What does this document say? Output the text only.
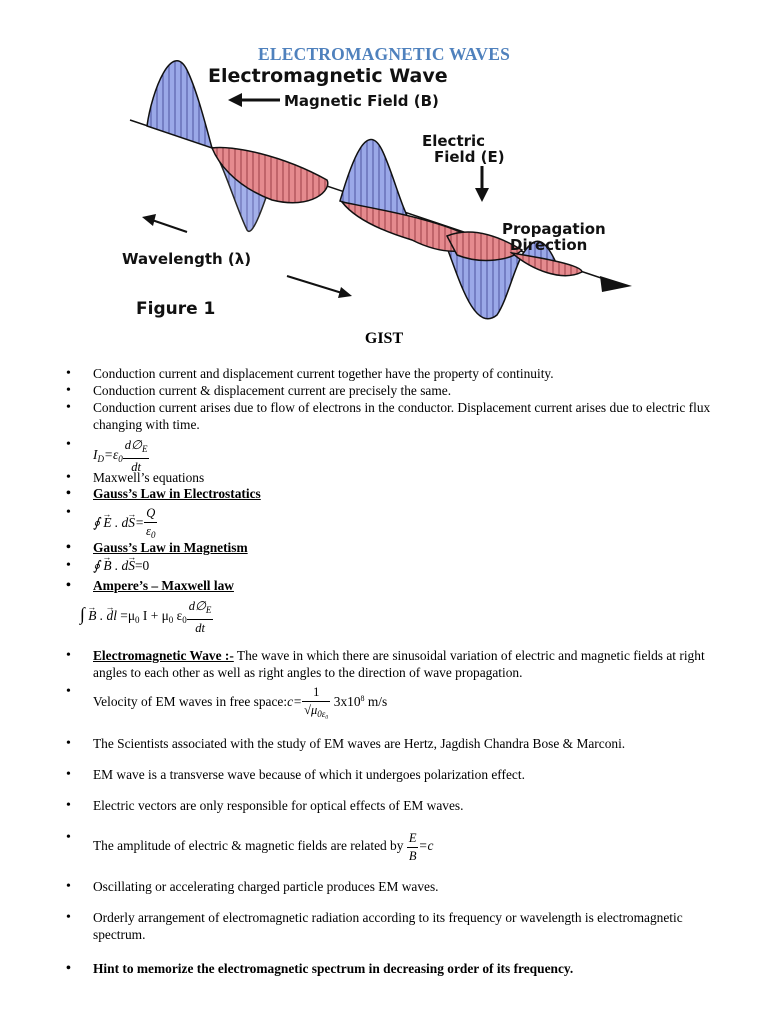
ELECTROMAGNETIC WAVES
Electromagnetic Wave
Magnetic Field (B)
Electric
Field (E)
Propagation
Direction
Wavelength (λ)
Figure 1
GIST
• Conduction current and displacement current together have the property of continuity.
• Conduction current & displacement current are precisely the same.
• Conduction current arises due to flow of electrons in the conductor. Displacement current arises due to electric flux changing with time.
• $I_D=\varepsilon_0 \frac{d\emptyset_E}{dt}$
• Maxwell’s equations
• Gauss’s Law in Electrostatics
• ∮ E → . dS →= $\frac{Q}{\varepsilon_0}$
• Gauss’s Law in Magnetism
• ∮ B → . dS →=0
• Ampere’s – Maxwell law
∫ B → . dl → $=\mu_0$ $I + \mu_0$ $\varepsilon_0 \frac{d\emptyset_E}{dt}$
• Electromagnetic Wave :- The wave in which there are sinusoidal variation of electric and magnetic fields at right angles to each other as well as right angles to the direction of wave propagation.
• Velocity of EM waves in free space:c= $\frac{1}{√\mu_{0\varepsilon_0}} 3x10^8$ m/s
• The Scientists associated with the study of EM waves are Hertz, Jagdish Chandra Bose & Marconi.
• EM wave is a transverse wave because of which it undergoes polarization effect.
• Electric vectors are only responsible for optical effects of EM waves.
• The amplitude of electric & magnetic fields are related by $\frac{E}{B} =c$
• Oscillating or accelerating charged particle produces EM waves.
• Orderly arrangement of electromagnetic radiation according to its frequency or wavelength is electromagnetic spectrum.
• Hint to memorize the electromagnetic spectrum in decreasing order of its frequency.
